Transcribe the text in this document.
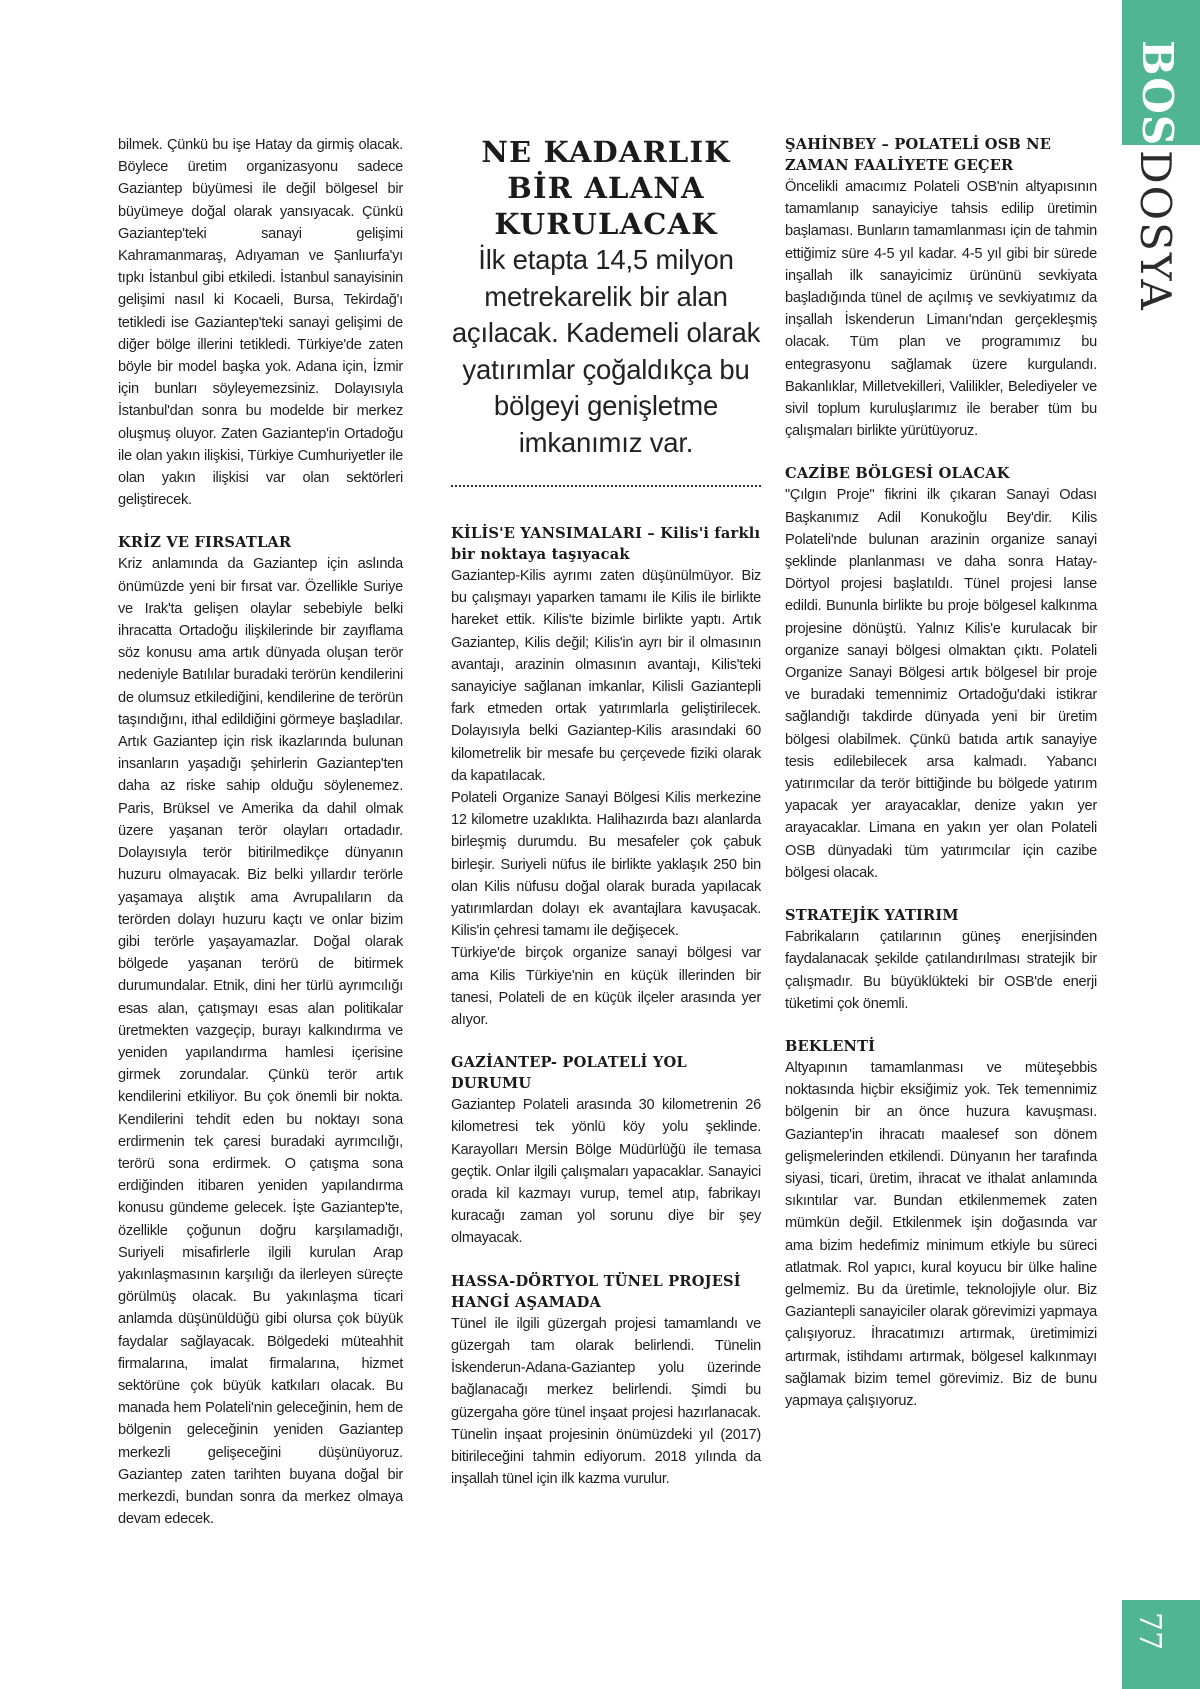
bilmek. Çünkü bu işe Hatay da girmiş olacak. Böylece üretim organizasyonu sadece Gaziantep büyümesi ile değil bölgesel bir büyümeye doğal olarak yansıyacak. Çünkü Gaziantep'teki sanayi gelişimi Kahramanmaraş, Adıyaman ve Şanlıurfa'yı tıpkı İstanbul gibi etkiledi. İstanbul sanayisinin gelişimi nasıl ki Kocaeli, Bursa, Tekirdağ'ı tetikledi ise Gaziantep'teki sanayi gelişimi de diğer bölge illerini tetikledi. Türkiye'de zaten böyle bir model başka yok. Adana için, İzmir için bunları söyleyemezsiniz. Dolayısıyla İstanbul'dan sonra bu modelde bir merkez oluşmuş oluyor. Zaten Gaziantep'in Ortadoğu ile olan yakın ilişkisi, Türkiye Cumhuriyetler ile olan yakın ilişkisi var olan sektörleri geliştirecek.

KRİZ VE FIRSATLAR

Kriz anlamında da Gaziantep için aslında önümüzde yeni bir fırsat var. Özellikle Suriye ve Irak'ta gelişen olaylar sebebiyle belki ihracatta Ortadoğu ilişkilerinde bir zayıflama söz konusu ama artık dünyada oluşan terör nedeniyle Batılılar buradaki terörün kendilerini de olumsuz etkilediğini, kendilerine de terörün taşındığını, ithal edildiğini görmeye başladılar. Artık Gaziantep için risk ikazlarında bulunan insanların yaşadığı şehirlerin Gaziantep'ten daha az riske sahip olduğu söylenemez. Paris, Brüksel ve Amerika da dahil olmak üzere yaşanan terör olayları ortadadır. Dolayısıyla terör bitirilmedikçe dünyanın huzuru olmayacak. Biz belki yıllardır terörle yaşamaya alıştık ama Avrupalıların da terörden dolayı huzuru kaçtı ve onlar bizim gibi terörle yaşayamazlar. Doğal olarak bölgede yaşanan terörü de bitirmek durumundalar. Etnik, dini her türlü ayrımcılığı esas alan, çatışmayı esas alan politikalar üretmekten vazgeçip, burayı kalkındırma ve yeniden yapılandırma hamlesi içerisine girmek zorundalar. Çünkü terör artık kendilerini etkiliyor. Bu çok önemli bir nokta. Kendilerini tehdit eden bu noktayı sona erdirmenin tek çaresi buradaki ayrımcılığı, terörü sona erdirmek. O çatışma sona erdiğinden itibaren yeniden yapılandırma konusu gündeme gelecek. İşte Gaziantep'te, özellikle çoğunun doğru karşılamadığı, Suriyeli misafirlerle ilgili kurulan Arap yakınlaşmasının karşılığı da ilerleyen süreçte görülmüş olacak. Bu yakınlaşma ticari anlamda düşünüldüğü gibi olursa çok büyük faydalar sağlayacak. Bölgedeki müteahhit firmalarına, imalat firmalarına, hizmet sektörüne çok büyük katkıları olacak. Bu manada hem Polateli'nin geleceğinin, hem de bölgenin geleceğinin yeniden Gaziantep merkezli gelişeceğini düşünüyoruz. Gaziantep zaten tarihten buyana doğal bir merkezdi, bundan sonra da merkez olmaya devam edecek.

NE KADARLIK BİR ALANA KURULACAK

İlk etapta 14,5 milyon metrekarelik bir alan açılacak. Kademeli olarak yatırımlar çoğaldıkça bu bölgeyi genişletme imkanımız var.

KİLİS'E YANSIMALARI – Kilis'i farklı bir noktaya taşıyacak

Gaziantep-Kilis ayrımı zaten düşünülmüyor. Biz bu çalışmayı yaparken tamamı ile Kilis ile birlikte hareket ettik. Kilis'te bizimle birlikte yaptı. Artık Gaziantep, Kilis değil; Kilis'in ayrı bir il olmasının avantajı, arazinin olmasının avantajı, Kilis'teki sanayiciye sağlanan imkanlar, Kilisli Gaziantepli fark etmeden ortak yatırımlarla geliştirilecek. Dolayısıyla belki Gaziantep-Kilis arasındaki 60 kilometrelik bir mesafe bu çerçevede fiziki olarak da kapatılacak.

Polateli Organize Sanayi Bölgesi Kilis merkezine 12 kilometre uzaklıkta. Halihazırda bazı alanlarda birleşmiş durumdu. Bu mesafeler çok çabuk birleşir. Suriyeli nüfus ile birlikte yaklaşık 250 bin olan Kilis nüfusu doğal olarak burada yapılacak yatırımlardan dolayı ek avantajlara kavuşacak. Kilis'in çehresi tamamı ile değişecek.

Türkiye'de birçok organize sanayi bölgesi var ama Kilis Türkiye'nin en küçük illerinden bir tanesi, Polateli de en küçük ilçeler arasında yer alıyor.

GAZİANTEP- POLATELİ YOL DURUMU

Gaziantep Polateli arasında 30 kilometrenin 26 kilometresi tek yönlü köy yolu şeklinde. Karayolları Mersin Bölge Müdürlüğü ile temasa geçtik. Onlar ilgili çalışmaları yapacaklar. Sanayici orada kil kazmayı vurup, temel atıp, fabrikayı kuracağı zaman yol sorunu diye bir şey olmayacak.

HASSA-DÖRTYOL TÜNEL PROJESİ HANGİ AŞAMADA

Tünel ile ilgili güzergah projesi tamamlandı ve güzergah tam olarak belirlendi. Tünelin İskenderun-Adana-Gaziantep yolu üzerinde bağlanacağı merkez belirlendi. Şimdi bu güzergaha göre tünel inşaat projesi hazırlanacak. Tünelin inşaat projesinin önümüzdeki yıl (2017) bitirileceğini tahmin ediyorum. 2018 yılında da inşallah tünel için ilk kazma vurulur.

ŞAHİNBEY – POLATELİ OSB NE ZAMAN FAALİYETE GEÇER

Öncelikli amacımız Polateli OSB'nin altyapısının tamamlanıp sanayiciye tahsis edilip üretimin başlaması. Bunların tamamlanması için de tahmin ettiğimiz süre 4-5 yıl kadar. 4-5 yıl gibi bir sürede inşallah ilk sanayicimiz ürününü sevkiyata başladığında tünel de açılmış ve sevkiyatımız da inşallah İskenderun Limanı'ndan gerçekleşmiş olacak. Tüm plan ve programımız bu entegrasyonu sağlamak üzere kurgulandı. Bakanlıklar, Milletvekilleri, Valilikler, Belediyeler ve sivil toplum kuruluşlarımız ile beraber tüm bu çalışmaları birlikte yürütüyoruz.

CAZİBE BÖLGESİ OLACAK

"Çılgın Proje" fikrini ilk çıkaran Sanayi Odası Başkanımız Adil Konukoğlu Bey'dir. Kilis Polateli'nde bulunan arazinin organize sanayi şeklinde planlanması ve daha sonra Hatay-Dörtyol projesi başlatıldı. Tünel projesi lanse edildi. Bununla birlikte bu proje bölgesel kalkınma projesine dönüştü. Yalnız Kilis'e kurulacak bir organize sanayi bölgesi olmaktan çıktı. Polateli Organize Sanayi Bölgesi artık bölgesel bir proje ve buradaki temennimiz Ortadoğu'daki istikrar sağlandığı takdirde dünyada yeni bir üretim bölgesi olabilmek. Çünkü batıda artık sanayiye tesis edilebilecek arsa kalmadı. Yabancı yatırımcılar da terör bittiğinde bu bölgede yatırım yapacak yer arayacaklar, denize yakın yer arayacaklar. Limana en yakın yer olan Polateli OSB dünyadaki tüm yatırımcılar için cazibe bölgesi olacak.

STRATEJİK YATIRIM

Fabrikaların çatılarının güneş enerjisinden faydalanacak şekilde çatılandırılması stratejik bir çalışmadır. Bu büyüklükteki bir OSB'de enerji tüketimi çok önemli.

BEKLENTİ

Altyapının tamamlanması ve müteşebbis noktasında hiçbir eksiğimiz yok. Tek temennimiz bölgenin bir an önce huzura kavuşması. Gaziantep'in ihracatı maalesef son dönem gelişmelerinden etkilendi. Dünyanın her tarafında siyasi, ticari, üretim, ihracat ve ithalat anlamında sıkıntılar var. Bundan etkilenmemek zaten mümkün değil. Etkilenmek işin doğasında var ama bizim hedefimiz minimum etkiyle bu süreci atlatmak. Rol yapıcı, kural koyucu bir ülke haline gelmemiz. Bu da üretimle, teknolojiyle olur. Biz Gaziantepli sanayiciler olarak görevimizi yapmaya çalışıyoruz. İhracatımızı artırmak, üretimimizi artırmak, istihdamı artırmak, bölgesel kalkınmayı sağlamak bizim temel görevimiz. Biz de bunu yapmaya çalışıyoruz.

BOSS
DOSYA
77
